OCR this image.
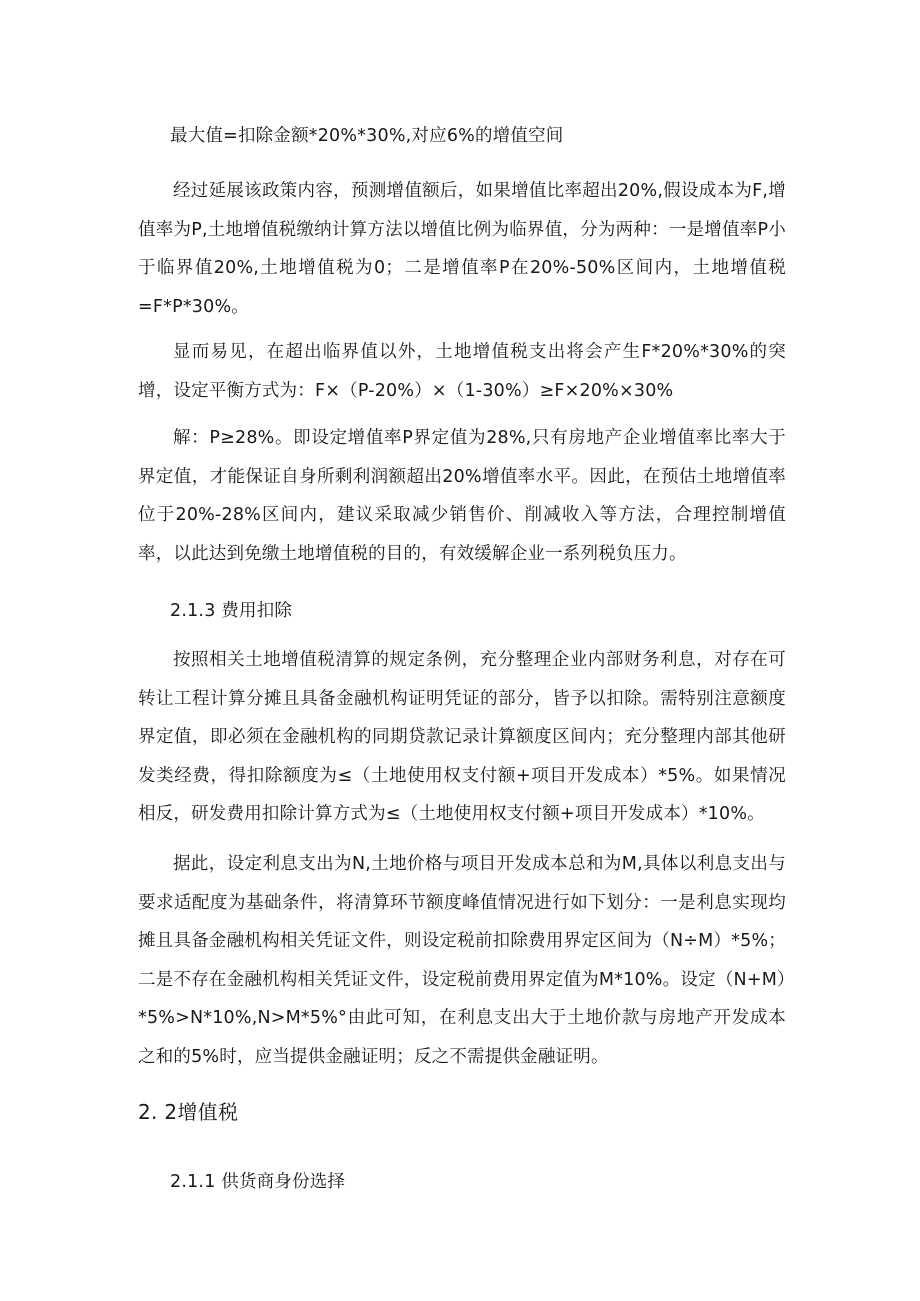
最大值=扣除金额*20%*30%,对应6%的增值空间

经过延展该政策内容，预测增值额后，如果增值比率超出20%,假设成本为F,增值率为P,土地增值税缴纳计算方法以增值比例为临界值，分为两种：一是增值率P小于临界值20%,土地增值税为0；二是增值率P在20%-50%区间内，土地增值税=F*P*30%。

显而易见，在超出临界值以外，土地增值税支出将会产生F*20%*30%的突增，设定平衡方式为：F×（P-20%）×（1-30%）≥F×20%×30%

解：P≥28%。即设定增值率P界定值为28%,只有房地产企业增值率比率大于界定值，才能保证自身所剩利润额超出20%增值率水平。因此，在预估土地增值率位于20%-28%区间内，建议采取减少销售价、削减收入等方法，合理控制增值率，以此达到免缴土地增值税的目的，有效缓解企业一系列税负压力。

2.1.3 费用扣除

按照相关土地增值税清算的规定条例，充分整理企业内部财务利息，对存在可转让工程计算分摊且具备金融机构证明凭证的部分，皆予以扣除。需特别注意额度界定值，即必须在金融机构的同期贷款记录计算额度区间内；充分整理内部其他研发类经费，得扣除额度为≤（土地使用权支付额+项目开发成本）*5%。如果情况相反，研发费用扣除计算方式为≤（土地使用权支付额+项目开发成本）*10%。

据此，设定利息支出为N,土地价格与项目开发成本总和为M,具体以利息支出与要求适配度为基础条件，将清算环节额度峰值情况进行如下划分：一是利息实现均摊且具备金融机构相关凭证文件，则设定税前扣除费用界定区间为（N÷M）*5%；二是不存在金融机构相关凭证文件，设定税前费用界定值为M*10%。设定（N+M）*5%>N*10%,N>M*5%°由此可知，在利息支出大于土地价款与房地产开发成本之和的5%时，应当提供金融证明；反之不需提供金融证明。

2. 2增值税

2.1.1 供货商身份选择
